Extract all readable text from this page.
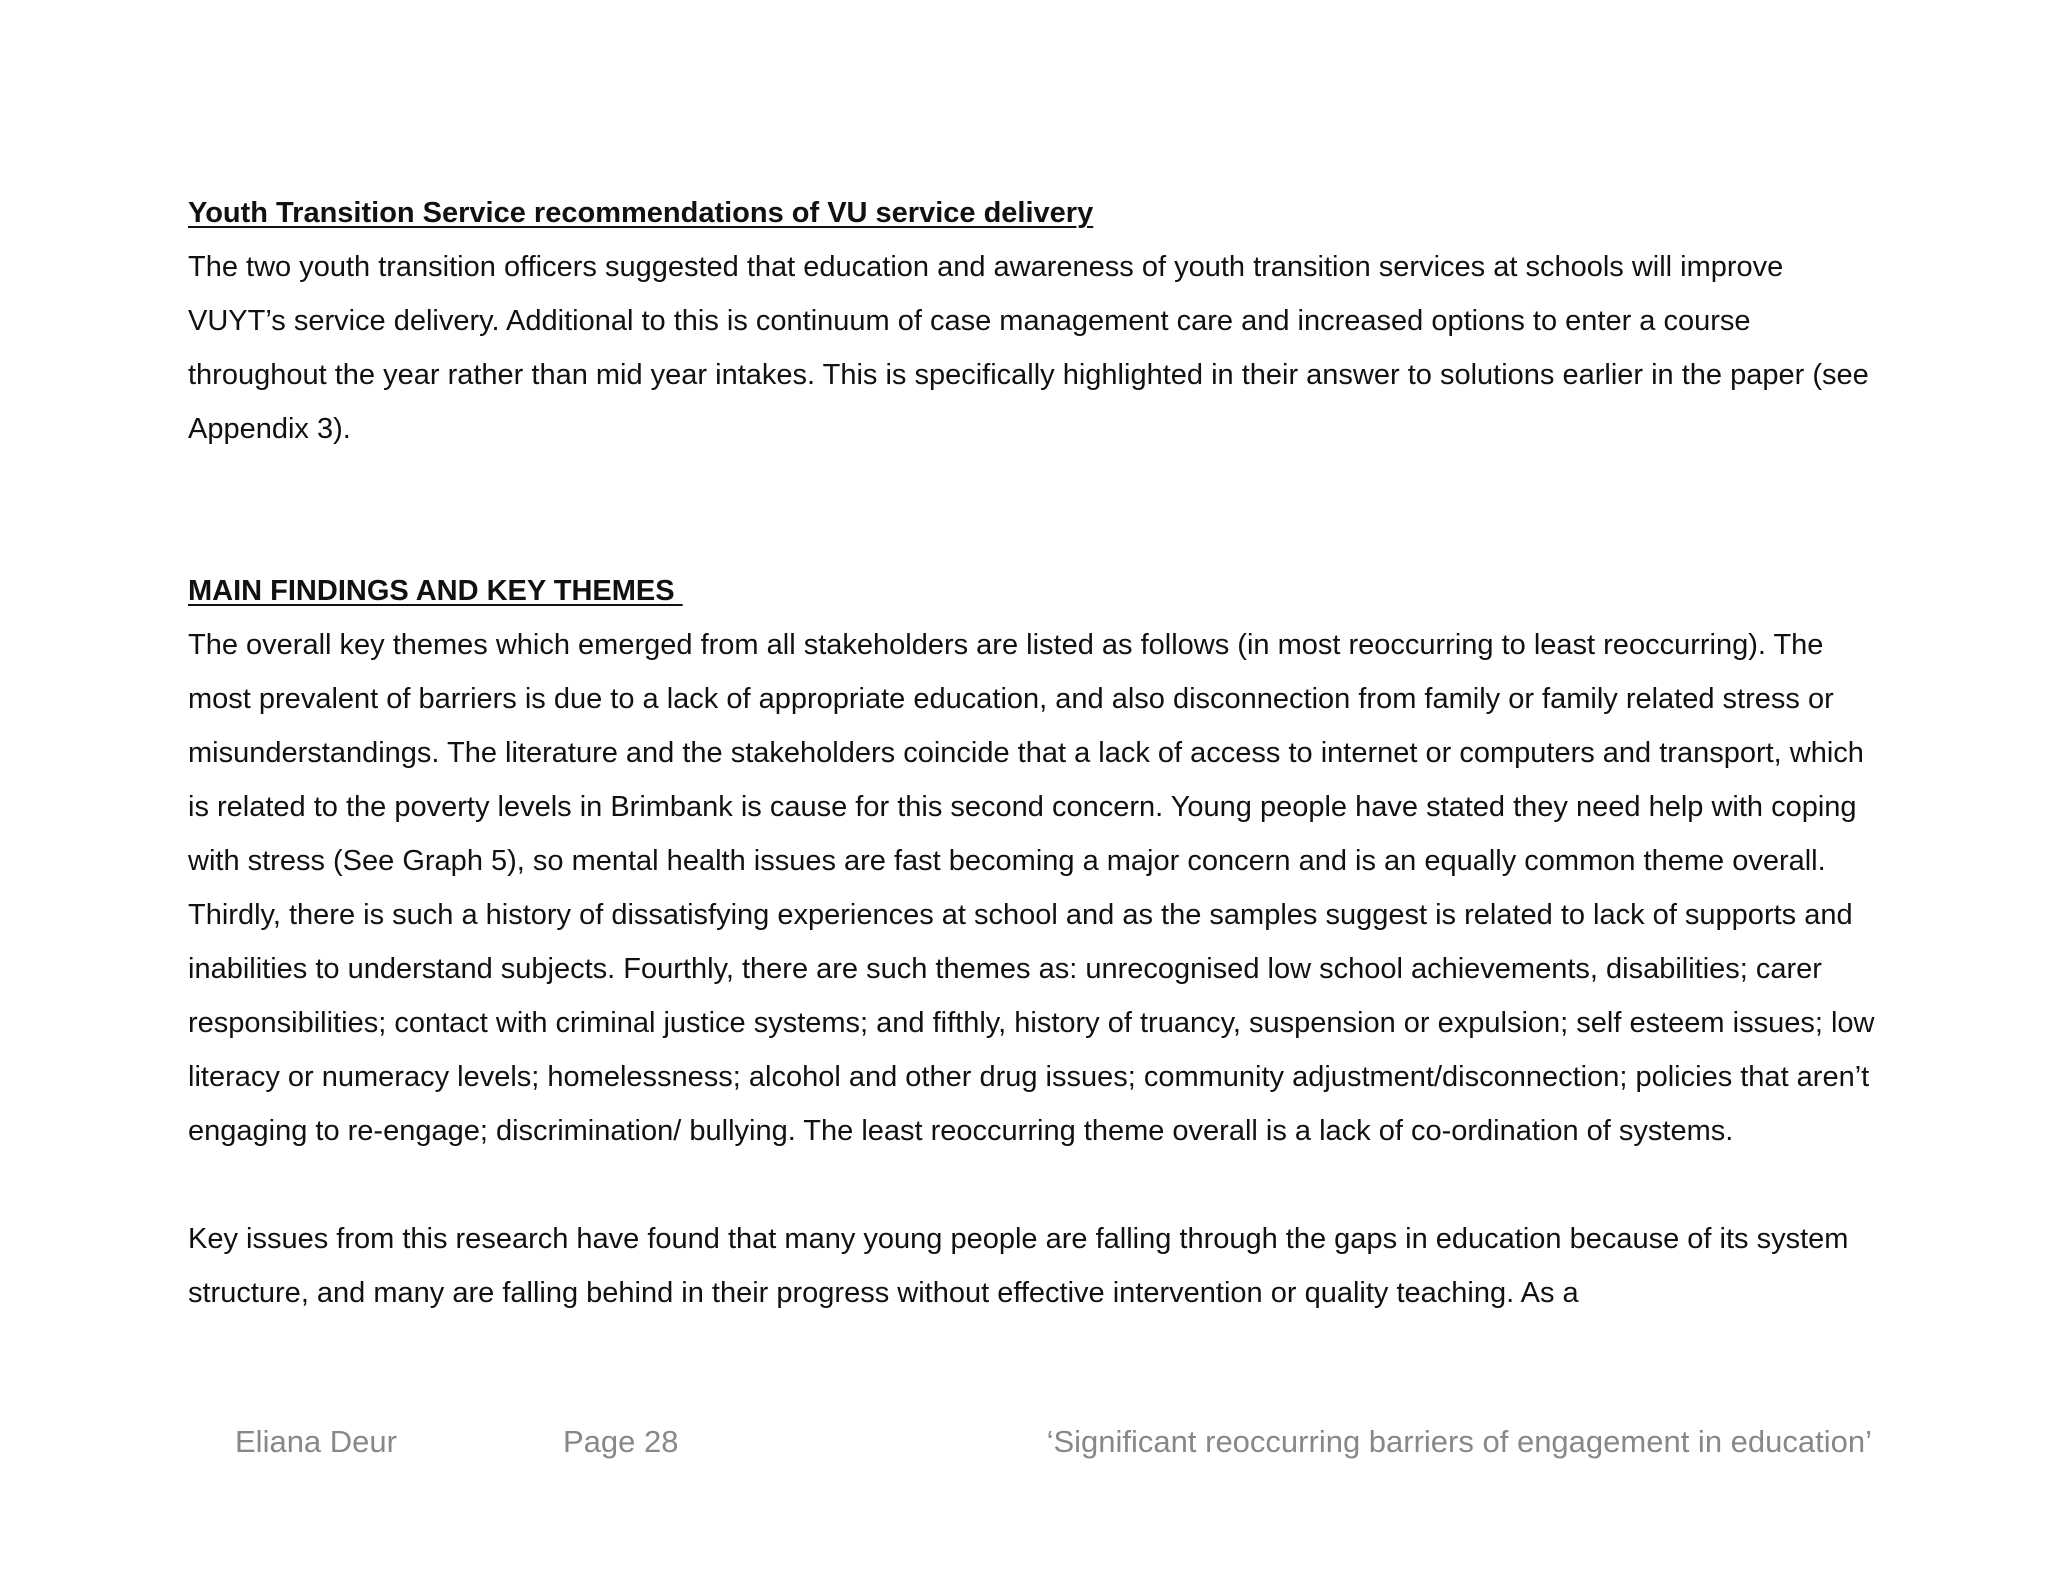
Youth Transition Service recommendations of VU service delivery

The two youth transition officers suggested that education and awareness of youth transition services at schools will improve VUYT’s service delivery. Additional to this is continuum of case management care and increased options to enter a course throughout the year rather than mid year intakes. This is specifically highlighted in their answer to solutions earlier in the paper (see Appendix 3).

MAIN FINDINGS AND KEY THEMES

The overall key themes which emerged from all stakeholders are listed as follows (in most reoccurring to least reoccurring). The most prevalent of barriers is due to a lack of appropriate education, and also disconnection from family or family related stress or misunderstandings. The literature and the stakeholders coincide that a lack of access to internet or computers and transport, which is related to the poverty levels in Brimbank is cause for this second concern. Young people have stated they need help with coping with stress (See Graph 5), so mental health issues are fast becoming a major concern and is an equally common theme overall. Thirdly, there is such a history of dissatisfying experiences at school and as the samples suggest is related to lack of supports and inabilities to understand subjects. Fourthly, there are such themes as: unrecognised low school achievements, disabilities; carer responsibilities; contact with criminal justice systems; and fifthly, history of truancy, suspension or expulsion; self esteem issues; low literacy or numeracy levels; homelessness; alcohol and other drug issues; community adjustment/disconnection; policies that aren’t engaging to re-engage; discrimination/ bullying. The least reoccurring theme overall is a lack of co-ordination of systems.

Key issues from this research have found that many young people are falling through the gaps in education because of its system structure, and many are falling behind in their progress without effective intervention or quality teaching. As a

Eliana Deur	Page 28	‘Significant reoccurring barriers of engagement in education’
